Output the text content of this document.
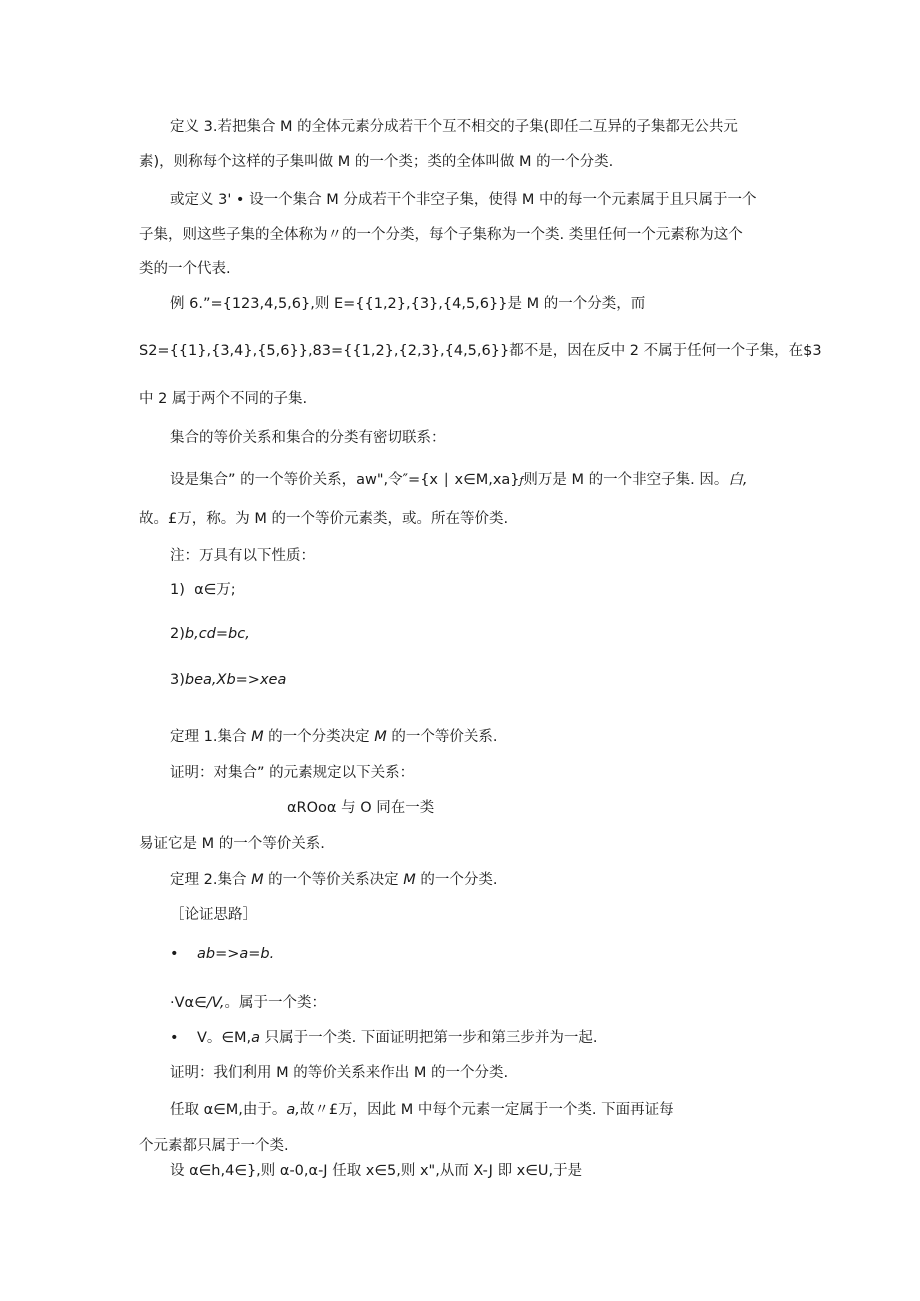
定义 3.若把集合 M 的全体元素分成若干个互不相交的子集(即任二互异的子集都无公共元
素)，则称每个这样的子集叫做 M 的一个类；类的全体叫做 M 的一个分类.
或定义 3' • 设一个集合 M 分成若干个非空子集，使得 M 中的每一个元素属于且只属于一个
子集，则这些子集的全体称为〃的一个分类，每个子集称为一个类. 类里任何一个元素称为这个
类的一个代表.
例 6.”={123,4,5,6},则 E={{1,2},{3},{4,5,6}}是 M 的一个分类，而
S2={{1},{3,4},{5,6}},83={{1,2},{2,3},{4,5,6}}都不是，因在反中 2 不属于任何一个子集，在$3
中 2 属于两个不同的子集.
集合的等价关系和集合的分类有密切联系：
设是集合” 的一个等价关系，aw",令″={x ∣ x∈M,xa}ƒ则万是 M 的一个非空子集. 因。白,
故。£万，称。为 M 的一个等价元素类，或。所在等价类.
注：万具有以下性质：
1) α∈万;
2)b,cd=bc,
3)bea,Xb=>xea
定理 1.集合 M 的一个分类决定 M 的一个等价关系.
证明：对集合” 的元素规定以下关系：
αROoα 与 O 同在一类
易证它是 M 的一个等价关系.
定理 2.集合 M 的一个等价关系决定 M 的一个分类.
［论证思路］
• ab=>a=b.
·Vα∈/V,。属于一个类：
• V。∈M,a 只属于一个类. 下面证明把第一步和第三步并为一起.
证明：我们利用 M 的等价关系来作出 M 的一个分类.
任取 α∈M,由于。a,故〃£万，因此 M 中每个元素一定属于一个类. 下面再证每
个元素都只属于一个类.
设 α∈h,4∈},则 α-0,α-J 任取 x∈5,则 x",从而 X-J 即 x∈U,于是
